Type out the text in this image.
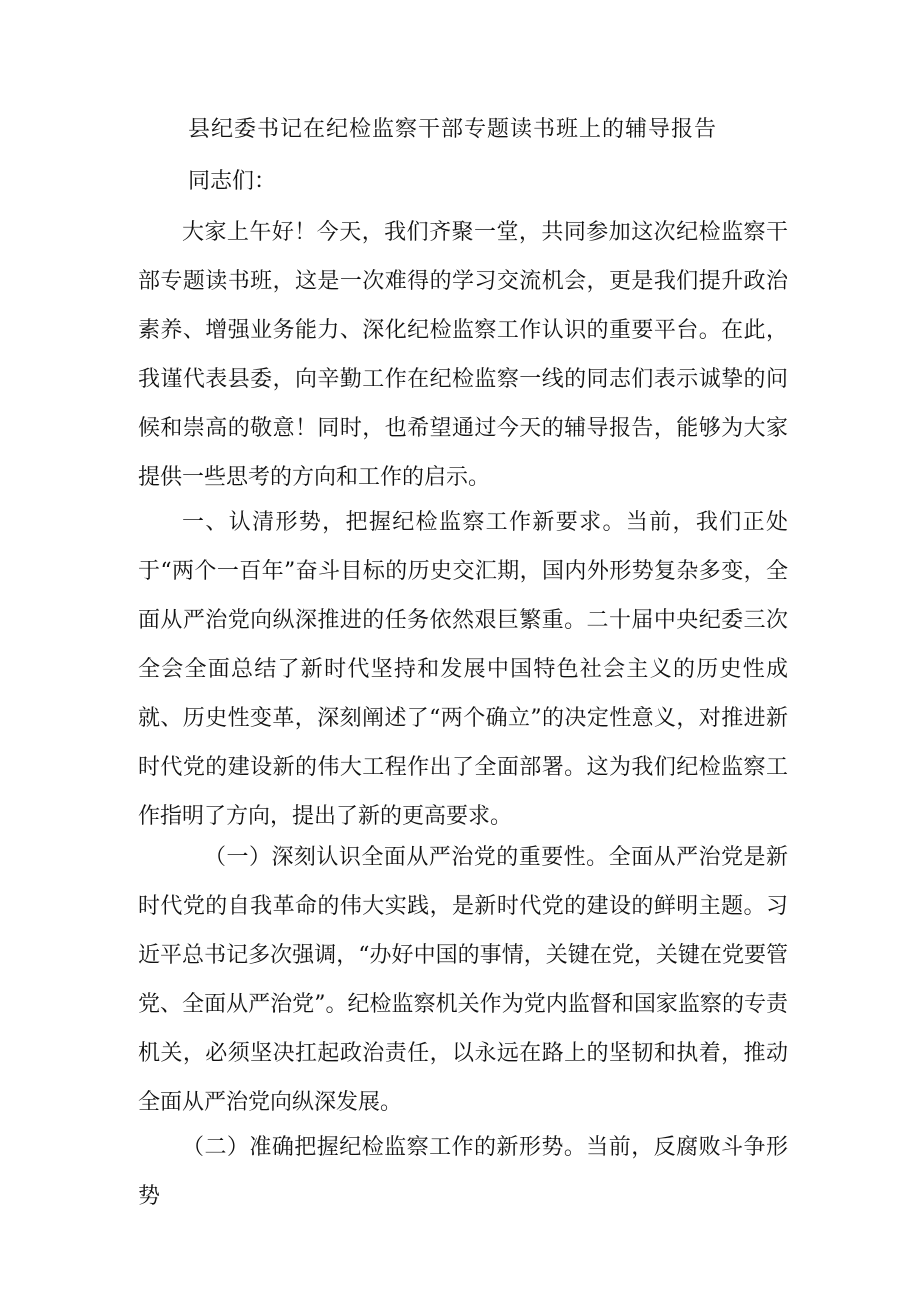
县纪委书记在纪检监察干部专题读书班上的辅导报告
同志们：

大家上午好！今天，我们齐聚一堂，共同参加这次纪检监察干部专题读书班，这是一次难得的学习交流机会，更是我们提升政治素养、增强业务能力、深化纪检监察工作认识的重要平台。在此，我谨代表县委，向辛勤工作在纪检监察一线的同志们表示诚挚的问候和崇高的敬意！同时，也希望通过今天的辅导报告，能够为大家提供一些思考的方向和工作的启示。

一、认清形势，把握纪检监察工作新要求。当前，我们正处于“两个一百年”奋斗目标的历史交汇期，国内外形势复杂多变，全面从严治党向纵深推进的任务依然艰巨繁重。二十届中央纪委三次全会全面总结了新时代坚持和发展中国特色社会主义的历史性成就、历史性变革，深刻阐述了“两个确立”的决定性意义，对推进新时代党的建设新的伟大工程作出了全面部署。这为我们纪检监察工作指明了方向，提出了新的更高要求。

（一）深刻认识全面从严治党的重要性。全面从严治党是新时代党的自我革命的伟大实践，是新时代党的建设的鲜明主题。习近平总书记多次强调，“办好中国的事情，关键在党，关键在党要管党、全面从严治党”。纪检监察机关作为党内监督和国家监察的专责机关，必须坚决扛起政治责任，以永远在路上的坚韧和执着，推动全面从严治党向纵深发展。

（二）准确把握纪检监察工作的新形势。当前，反腐败斗争形势
